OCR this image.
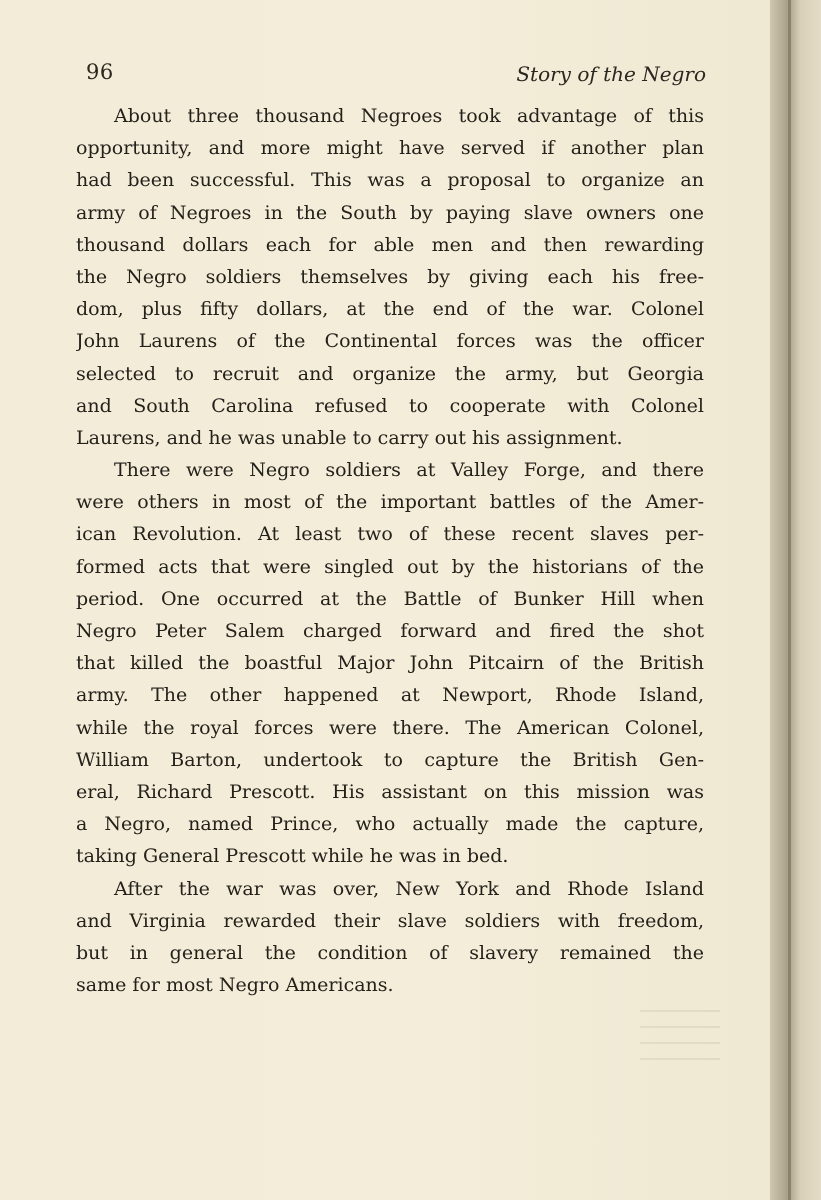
96	Story of the Negro
About three thousand Negroes took advantage of this
opportunity, and more might have served if another plan
had been successful. This was a proposal to organize an
army of Negroes in the South by paying slave owners one
thousand dollars each for able men and then rewarding
the Negro soldiers themselves by giving each his free-
dom, plus fifty dollars, at the end of the war. Colonel
John Laurens of the Continental forces was the officer
selected to recruit and organize the army, but Georgia
and South Carolina refused to cooperate with Colonel
Laurens, and he was unable to carry out his assignment.
There were Negro soldiers at Valley Forge, and there
were others in most of the important battles of the Amer-
ican Revolution. At least two of these recent slaves per-
formed acts that were singled out by the historians of the
period. One occurred at the Battle of Bunker Hill when
Negro Peter Salem charged forward and fired the shot
that killed the boastful Major John Pitcairn of the British
army. The other happened at Newport, Rhode Island,
while the royal forces were there. The American Colonel,
William Barton, undertook to capture the British Gen-
eral, Richard Prescott. His assistant on this mission was
a Negro, named Prince, who actually made the capture,
taking General Prescott while he was in bed.
After the war was over, New York and Rhode Island
and Virginia rewarded their slave soldiers with freedom,
but in general the condition of slavery remained the
same for most Negro Americans.
